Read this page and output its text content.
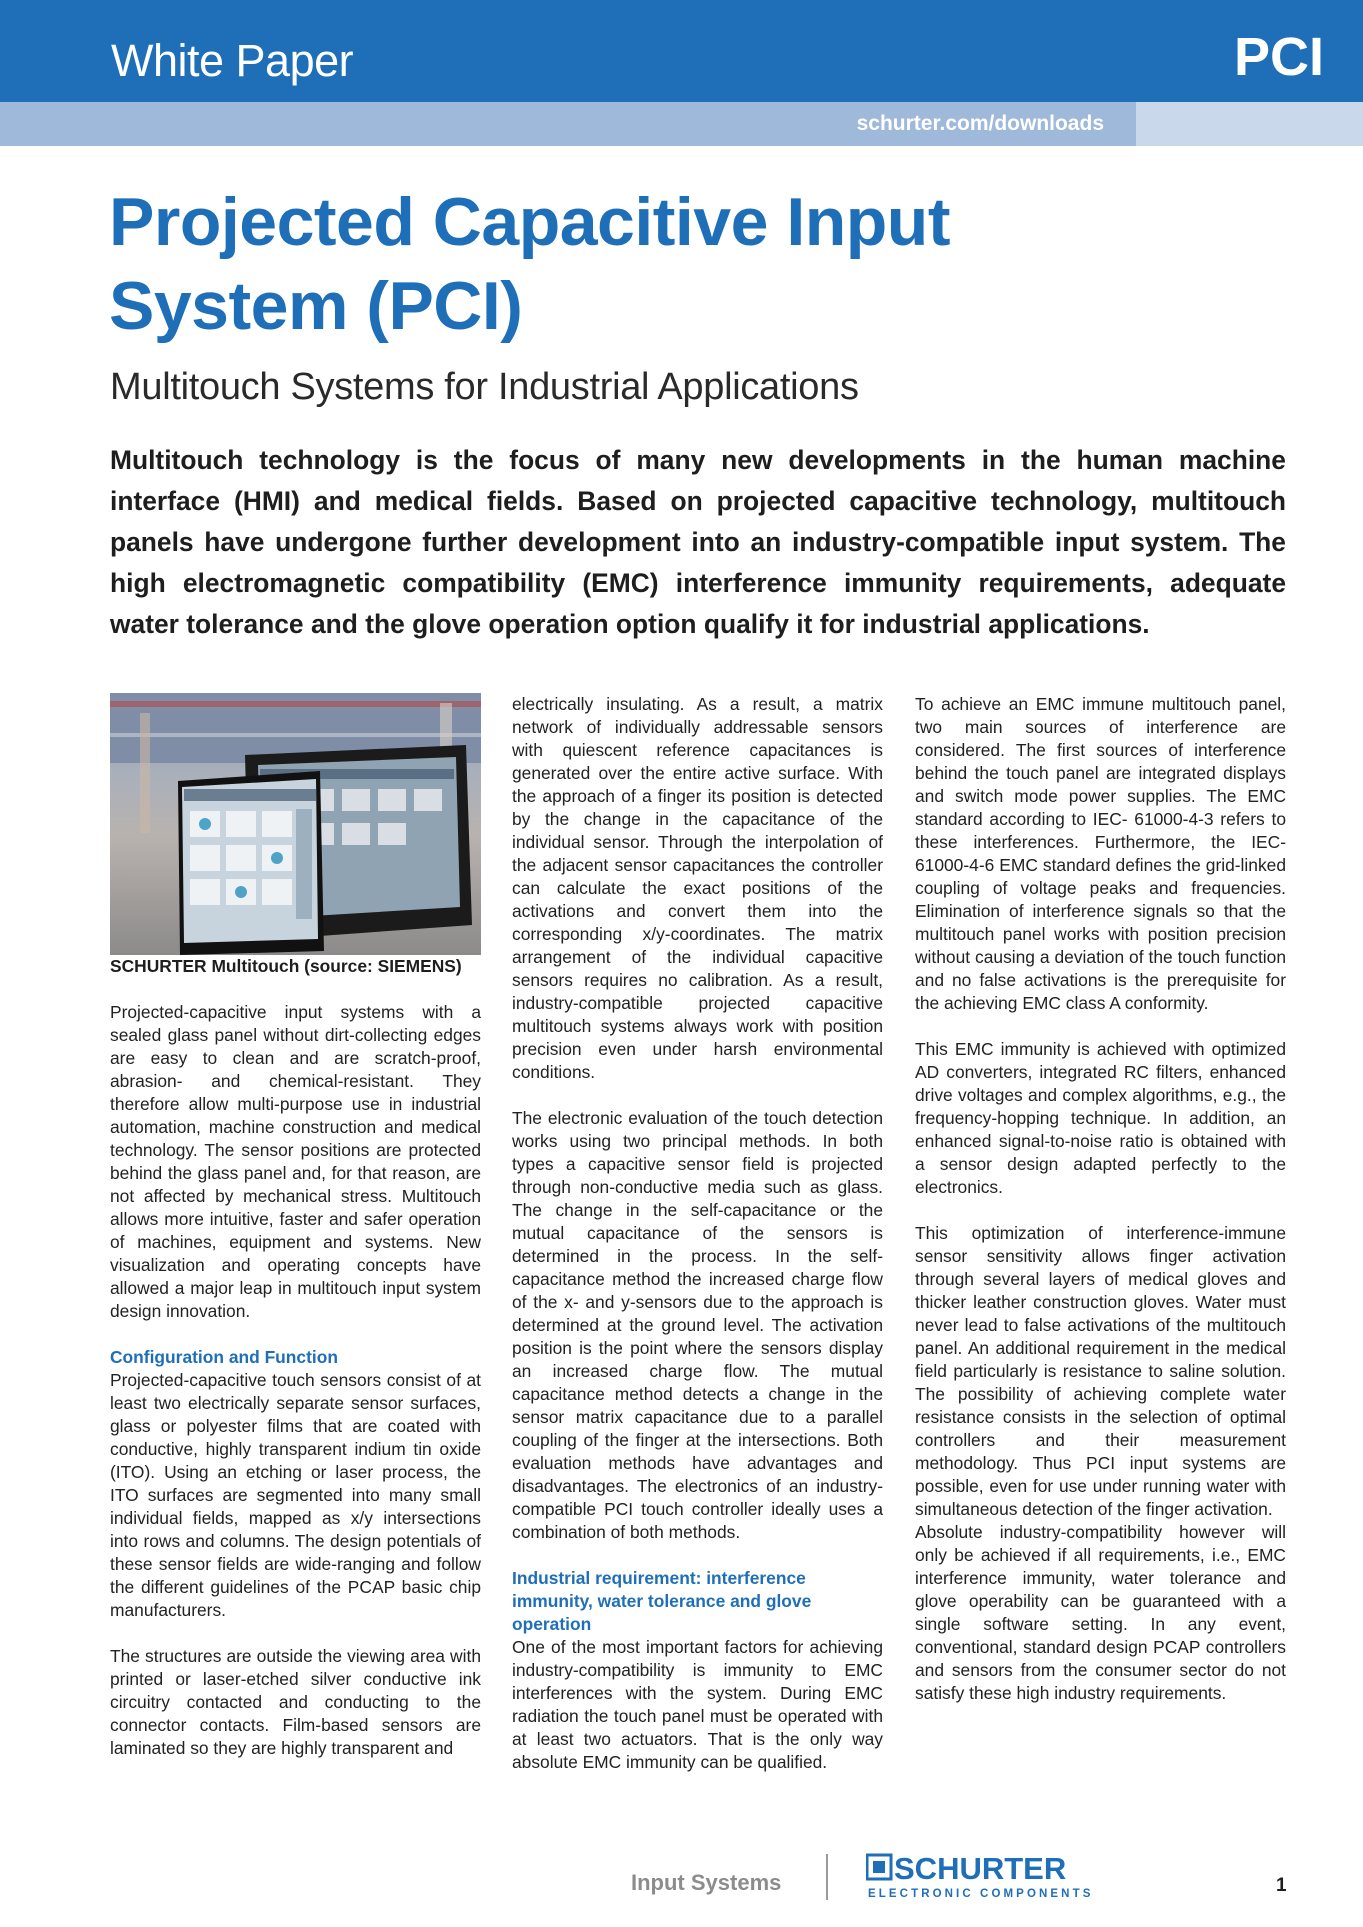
White Paper	PCI
schurter.com/downloads
Projected Capacitive Input
System (PCI)
Multitouch Systems for Industrial Applications

Multitouch technology is the focus of many new developments in the human machine interface (HMI) and medical fields. Based on projected capacitive technology, multitouch panels have undergone further development into an industry-compatible input system. The high electromagnetic compatibility (EMC) interference immunity requirements, adequate water tolerance and the glove operation option qualify it for industrial applications.

SCHURTER Multitouch (source: SIEMENS)

Projected-capacitive input systems with a sealed glass panel without dirt-collecting edges are easy to clean and are scratch-proof, abrasion- and chemical-resistant. They therefore allow multi-purpose use in industrial automation, machine construction and medical technology. The sensor positions are protected behind the glass panel and, for that reason, are not affected by mechanical stress. Multitouch allows more intuitive, faster and safer operation of machines, equipment and systems. New visualization and operating concepts have allowed a major leap in multitouch input system design innovation.

Configuration and Function

Projected-capacitive touch sensors consist of at least two electrically separate sensor surfaces, glass or polyester films that are coated with conductive, highly transparent indium tin oxide (ITO). Using an etching or laser process, the ITO surfaces are segmented into many small individual fields, mapped as x/y intersections into rows and columns. The design potentials of these sensor fields are wide-ranging and follow the different guidelines of the PCAP basic chip manufacturers.

The structures are outside the viewing area with printed or laser-etched silver conductive ink circuitry contacted and conducting to the connector contacts. Film-based sensors are laminated so they are highly transparent and

electrically insulating. As a result, a matrix network of individually addressable sensors with quiescent reference capacitances is generated over the entire active surface. With the approach of a finger its position is detected by the change in the capacitance of the individual sensor. Through the interpolation of the adjacent sensor capacitances the controller can calculate the exact positions of the activations and convert them into the corresponding x/y-coordinates. The matrix arrangement of the individual capacitive sensors requires no calibration. As a result, industry-compatible projected capacitive multitouch systems always work with position precision even under harsh environmental conditions.

The electronic evaluation of the touch detection works using two principal methods. In both types a capacitive sensor field is projected through non-conductive media such as glass. The change in the self-capacitance or the mutual capacitance of the sensors is determined in the process. In the self-capacitance method the increased charge flow of the x- and y-sensors due to the approach is determined at the ground level. The activation position is the point where the sensors display an increased charge flow. The mutual capacitance method detects a change in the sensor matrix capacitance due to a parallel coupling of the finger at the intersections. Both evaluation methods have advantages and disadvantages. The electronics of an industry-compatible PCI touch controller ideally uses a combination of both methods.

Industrial requirement: interference immunity, water tolerance and glove operation

One of the most important factors for achieving industry-compatibility is immunity to EMC interferences with the system. During EMC radiation the touch panel must be operated with at least two actuators. That is the only way absolute EMC immunity can be qualified.

To achieve an EMC immune multitouch panel, two main sources of interference are considered. The first sources of interference behind the touch panel are integrated displays and switch mode power supplies. The EMC standard according to IEC- 61000-4-3 refers to these interferences. Furthermore, the IEC-61000-4-6 EMC standard defines the grid-linked coupling of voltage peaks and frequencies. Elimination of interference signals so that the multitouch panel works with position precision without causing a deviation of the touch function and no false activations is the prerequisite for the achieving EMC class A conformity.

This EMC immunity is achieved with optimized AD converters, integrated RC filters, enhanced drive voltages and complex algorithms, e.g., the frequency-hopping technique. In addition, an enhanced signal-to-noise ratio is obtained with a sensor design adapted perfectly to the electronics.

This optimization of interference-immune sensor sensitivity allows finger activation through several layers of medical gloves and thicker leather construction gloves. Water must never lead to false activations of the multitouch panel. An additional requirement in the medical field particularly is resistance to saline solution. The possibility of achieving complete water resistance consists in the selection of optimal controllers and their measurement methodology. Thus PCI input systems are possible, even for use under running water with simultaneous detection of the finger activation.

Absolute industry-compatibility however will only be achieved if all requirements, i.e., EMC interference immunity, water tolerance and glove operability can be guaranteed with a single software setting. In any event, conventional, standard design PCAP controllers and sensors from the consumer sector do not satisfy these high industry requirements.

Input Systems	SCHURTER
ELECTRONIC COMPONENTS	1
